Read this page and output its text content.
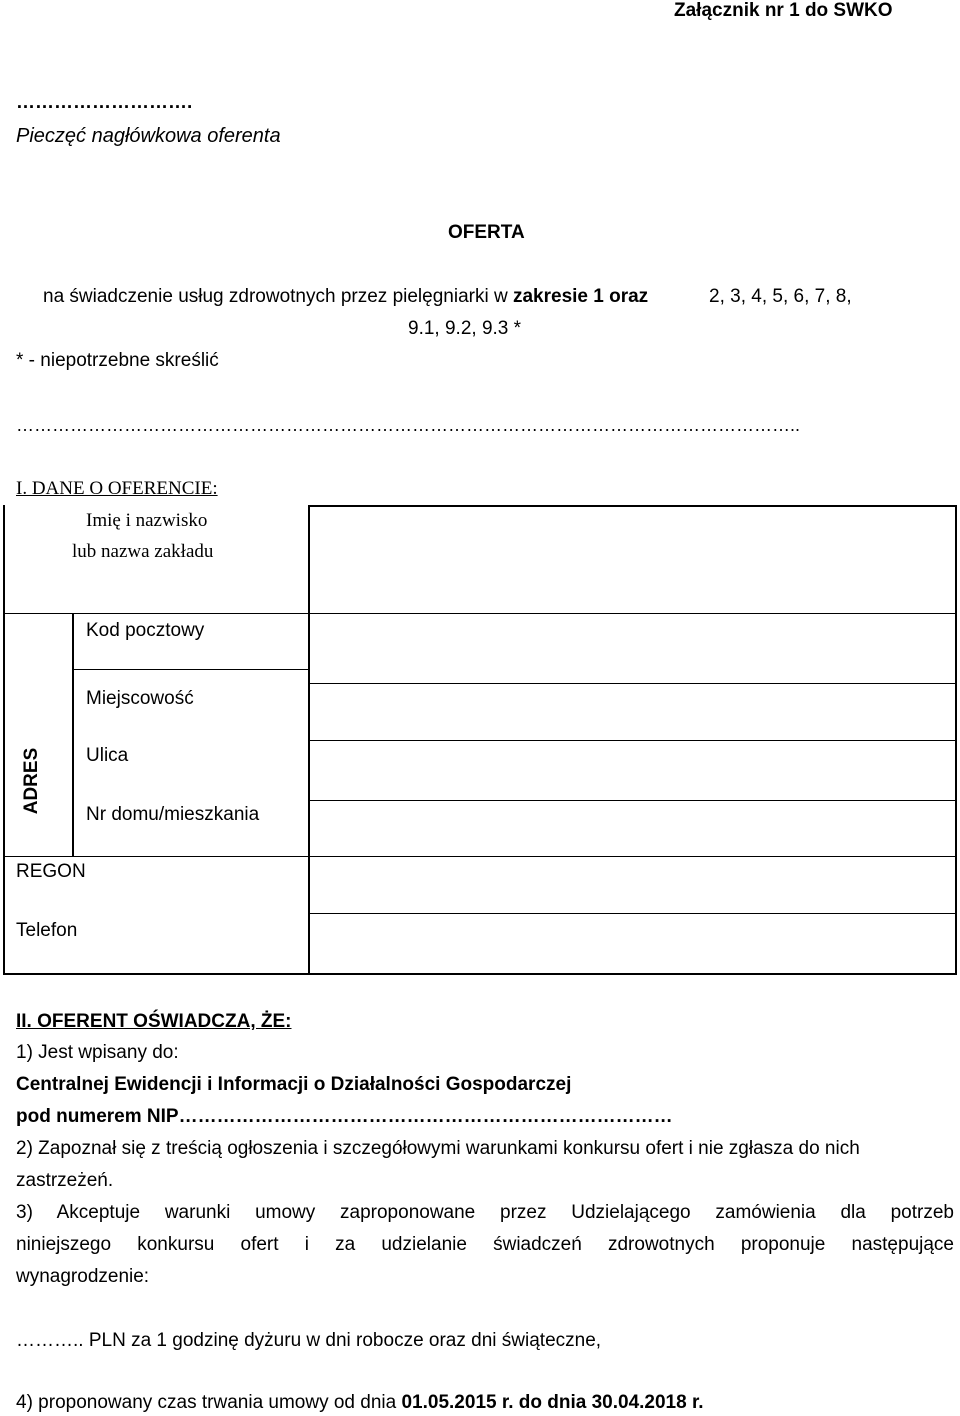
Załącznik nr 1 do SWKO
……………………….
Pieczęć nagłówkowa oferenta
OFERTA
na świadczenie usług zdrowotnych przez pielęgniarki w zakresie 1 oraz	2, 3, 4, 5, 6, 7, 8,
9.1, 9.2, 9.3 *
* - niepotrzebne skreślić
…………………………………………………………………………………………………………………..
I. DANE O OFERENCIE:
Imię i nazwisko
lub nazwa zakładu
ADRES
Kod pocztowy
Miejscowość
Ulica
Nr domu/mieszkania
REGON
Telefon
II. OFERENT OŚWIADCZA, ŻE:
1) Jest wpisany do:
Centralnej Ewidencji i Informacji o Działalności Gospodarczej
pod numerem NIP……………………………………………………………………
2) Zapoznał się z treścią ogłoszenia i szczegółowymi warunkami konkursu ofert i nie zgłasza do nich
zastrzeżeń.
3) Akceptuje warunki umowy zaproponowane przez Udzielającego zamówienia dla potrzeb
niniejszego konkursu ofert i za udzielanie świadczeń zdrowotnych proponuje następujące
wynagrodzenie:
……….. PLN za 1 godzinę dyżuru w dni robocze oraz dni świąteczne,
4) proponowany czas trwania umowy od dnia 01.05.2015 r. do dnia 30.04.2018 r.
